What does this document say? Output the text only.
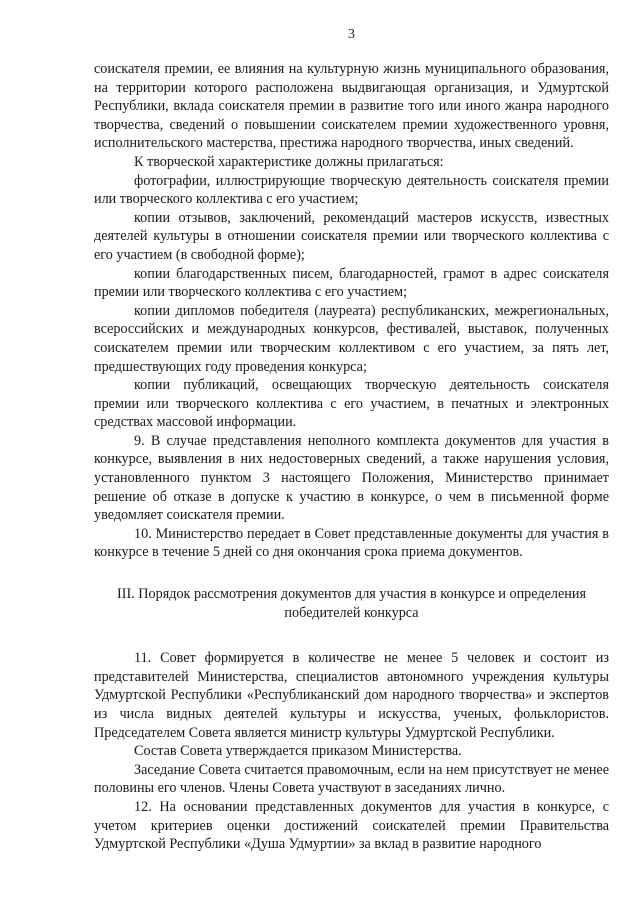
3

соискателя премии, ее влияния на культурную жизнь муниципального образования, на территории которого расположена выдвигающая организация, и Удмуртской Республики, вклада соискателя премии в развитие того или иного жанра народного творчества, сведений о повышении соискателем премии художественного уровня, исполнительского мастерства, престижа народного творчества, иных сведений.

К творческой характеристике должны прилагаться:

фотографии, иллюстрирующие творческую деятельность соискателя премии или творческого коллектива с его участием;

копии отзывов, заключений, рекомендаций мастеров искусств, известных деятелей культуры в отношении соискателя премии или творческого коллектива с его участием (в свободной форме);

копии благодарственных писем, благодарностей, грамот в адрес соискателя премии или творческого коллектива с его участием;

копии дипломов победителя (лауреата) республиканских, межрегиональных, всероссийских и международных конкурсов, фестивалей, выставок, полученных соискателем премии или творческим коллективом с его участием, за пять лет, предшествующих году проведения конкурса;

копии публикаций, освещающих творческую деятельность соискателя премии или творческого коллектива с его участием, в печатных и электронных средствах массовой информации.

9. В случае представления неполного комплекта документов для участия в конкурсе, выявления в них недостоверных сведений, а также нарушения условия, установленного пунктом 3 настоящего Положения, Министерство принимает решение об отказе в допуске к участию в конкурсе, о чем в письменной форме уведомляет соискателя премии.

10. Министерство передает в Совет представленные документы для участия в конкурсе в течение 5 дней со дня окончания срока приема документов.

III. Порядок рассмотрения документов для участия в конкурсе и определения победителей конкурса

11. Совет формируется в количестве не менее 5 человек и состоит из представителей Министерства, специалистов автономного учреждения культуры Удмуртской Республики «Республиканский дом народного творчества» и экспертов из числа видных деятелей культуры и искусства, ученых, фольклористов. Председателем Совета является министр культуры Удмуртской Республики.

Состав Совета утверждается приказом Министерства.

Заседание Совета считается правомочным, если на нем присутствует не менее половины его членов. Члены Совета участвуют в заседаниях лично.

12. На основании представленных документов для участия в конкурсе, с учетом критериев оценки достижений соискателей премии Правительства Удмуртской Республики «Душа Удмуртии» за вклад в развитие народного
